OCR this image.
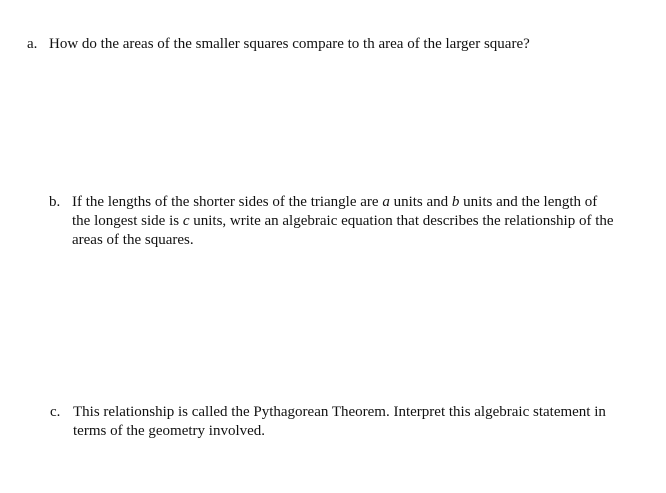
a. How do the areas of the smaller squares compare to th area of the larger square?
b. If the lengths of the shorter sides of the triangle are a units and b units and the length of the longest side is c units, write an algebraic equation that describes the relationship of the areas of the squares.
c. This relationship is called the Pythagorean Theorem. Interpret this algebraic statement in terms of the geometry involved.
